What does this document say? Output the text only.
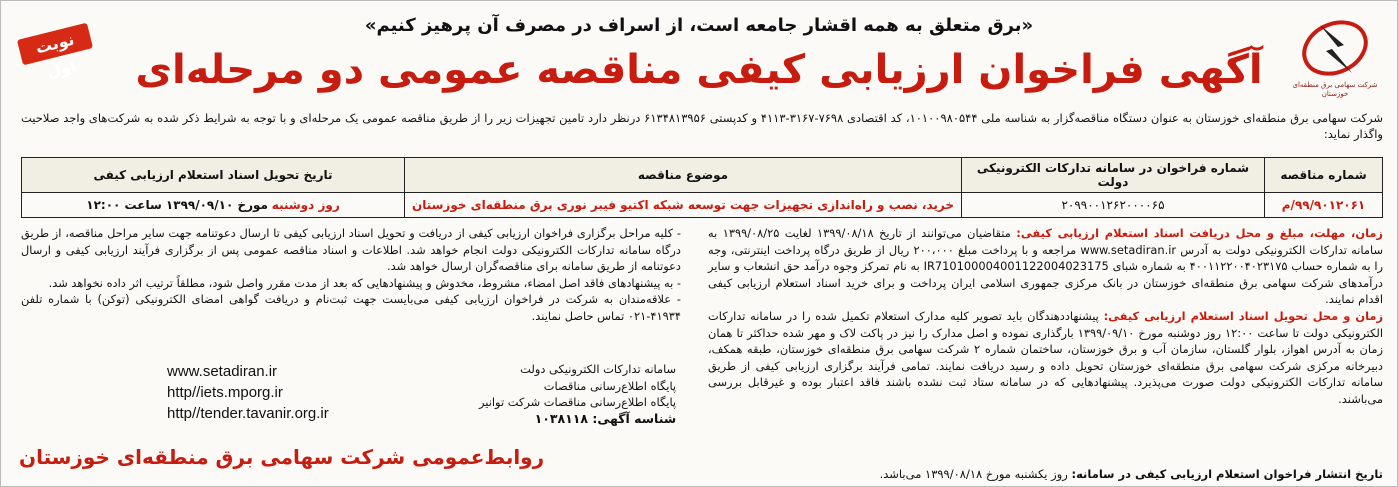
شرکت سهامی برق منطقه‌ای خوزستان
نوبت اول
«برق متعلق به همه اقشار جامعه است، از اسراف در مصرف آن پرهیز کنیم»
آگهی فراخوان ارزیابی کیفی مناقصه عمومی دو مرحله‌ای
شرکت سهامی برق منطقه‌ای خوزستان به عنوان دستگاه مناقصه‌گزار به شناسه ملی ۱۰۱۰۰۹۸۰۵۴۴، کد اقتصادی ۷۶۹۸-۳۱۶۷-۴۱۱۳ و کدپستی ۶۱۳۴۸۱۳۹۵۶ درنظر دارد تامین تجهیزات زیر را از طریق مناقصه عمومی یک مرحله‌ای و با توجه به شرایط ذکر شده به شرکت‌های واجد صلاحیت واگذار نماید:
شماره مناقصه	شماره فراخوان در سامانه تدارکات الکترونیکی دولت	موضوع مناقصه	تاریخ تحویل اسناد استعلام ارزیابی کیفی
۹۹/۹۰۱۲۰۶۱/م	۲۰۹۹۰۰۱۲۶۲۰۰۰۰۶۵	خرید، نصب و راه‌اندازی تجهیزات جهت توسعه شبکه اکتیو فیبر نوری برق منطقه‌ای خوزستان	روز دوشنبه مورخ ۱۳۹۹/۰۹/۱۰ ساعت ۱۲:۰۰

زمان، مهلت، مبلغ و محل دریافت اسناد استعلام ارزیابی کیفی: متقاضیان می‌توانند از تاریخ ۱۳۹۹/۰۸/۱۸ لغایت ۱۳۹۹/۰۸/۲۵ به سامانه تدارکات الکترونیکی دولت به آدرس www.setadiran.ir مراجعه و با پرداخت مبلغ ۲۰۰،۰۰۰ ریال از طریق درگاه پرداخت اینترنتی، وجه را به شماره حساب ۴۰۰۱۱۲۲۰۰۴۰۲۳۱۷۵ به شماره شبای IR710100004001122004023175 به نام تمرکز وجوه درآمد حق انشعاب و سایر درآمدهای شرکت سهامی برق منطقه‌ای خوزستان در بانک مرکزی جمهوری اسلامی ایران پرداخت و برای خرید اسناد استعلام ارزیابی کیفی اقدام نمایند.

زمان و محل تحویل اسناد استعلام ارزیابی کیفی: پیشنهاددهندگان باید تصویر کلیه مدارک استعلام تکمیل شده را در سامانه تدارکات الکترونیکی دولت تا ساعت ۱۲:۰۰ روز دوشنبه مورخ ۱۳۹۹/۰۹/۱۰ بارگذاری نموده و اصل مدارک را نیز در پاکت لاک و مهر شده حداکثر تا همان زمان به آدرس اهواز، بلوار گلستان، سازمان آب و برق خوزستان، ساختمان شماره ۲ شرکت سهامی برق منطقه‌ای خوزستان، طبقه همکف، دبیرخانه مرکزی شرکت سهامی برق منطقه‌ای خوزستان تحویل داده و رسید دریافت نمایند. تمامی فرآیند برگزاری ارزیابی کیفی از طریق سامانه تدارکات الکترونیکی دولت صورت می‌پذیرد. پیشنهادهایی که در سامانه ستاد ثبت نشده باشند فاقد اعتبار بوده و غیرقابل بررسی می‌باشند.

- کلیه مراحل برگزاری فراخوان ارزیابی کیفی از دریافت و تحویل اسناد ارزیابی کیفی تا ارسال دعوتنامه جهت سایر مراحل مناقصه، از طریق درگاه سامانه تدارکات الکترونیکی دولت انجام خواهد شد. اطلاعات و اسناد مناقصه عمومی پس از برگزاری فرآیند ارزیابی کیفی و ارسال دعوتنامه از طریق سامانه برای مناقصه‌گران ارسال خواهد شد.

- به پیشنهادهای فاقد اصل امضاء، مشروط، مخدوش و پیشنهادهایی که بعد از مدت مقرر واصل شود، مطلقاً ترتیب اثر داده نخواهد شد.

- علاقه‌مندان به شرکت در فراخوان ارزیابی کیفی می‌بایست جهت ثبت‌نام و دریافت گواهی امضای الکترونیکی (توکن) با شماره تلفن ۴۱۹۳۴-۰۲۱ تماس حاصل نمایند.

www.setadiran.ir
http//iets.mporg.ir
http//tender.tavanir.org.ir
سامانه تدارکات الکترونیکی دولت
پایگاه اطلاع‌رسانی مناقصات
پایگاه اطلاع‌رسانی مناقصات شرکت توانیر
شناسه آگهی: ۱۰۳۸۱۱۸
روابط‌عمومی شرکت سهامی برق منطقه‌ای خوزستان
تاریخ انتشار فراخوان استعلام ارزیابی کیفی در سامانه: روز یکشنبه مورخ ۱۳۹۹/۰۸/۱۸ می‌باشد.
